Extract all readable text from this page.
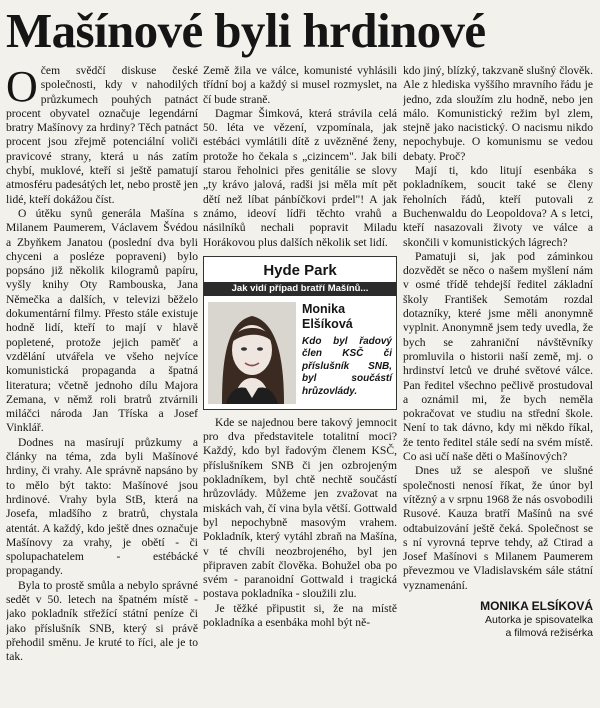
Mašínové byli hrdinové

Očem svědčí diskuse české společnosti, kdy v nahodilých průzkumech pouhých patnáct procent obyvatel označuje legendární bratry Mašínovy za hrdiny? Těch patnáct procent jsou zřejmě potenciální voliči pravicové strany, která u nás zatím chybí, muklové, kteří si ještě pamatují atmosféru padesátých let, nebo prostě jen lidé, kteří dokážou číst.

O útěku synů generála Mašína s Milanem Paumerem, Václavem Švédou a Zbyňkem Janatou (poslední dva byli chyceni a posléze popraveni) bylo popsáno již několik kilogramů papíru, vyšly knihy Oty Rambouska, Jana Němečka a dalších, v televizi běželo dokumentární filmy. Přesto stále existuje hodně lidí, kteří to mají v hlavě popletené, protože jejich paměť a vzdělání utvářela ve všeho nejvíce komunistická propaganda a špatná literatura; včetně jednoho dílu Majora Zemana, v němž roli bratrů ztvárnili miláčci národa Jan Tříska a Josef Vinklář.

Dodnes na masírují průzkumy a články na téma, zda byli Mašínové hrdiny, či vrahy. Ale správně napsáno by to mělo být takto: Mašínové jsou hrdinové. Vrahy byla StB, která na Josefa, mladšího z bratrů, chystala atentát. A každý, kdo ještě dnes označuje Mašínovy za vrahy, je obětí - či spolupachatelem - estébácké propagandy.

Byla to prostě smůla a nebylo správné sedět v 50. letech na špatném místě - jako pokladník střežící státní peníze či jako příslušník SNB, který si právě přehodil směnu. Je kruté to říci, ale je to tak.

Země žila ve válce, komunisté vyhlásili třídní boj a každý si musel rozmyslet, na čí bude straně.

Dagmar Šimková, která strávila celá 50. léta ve vězení, vzpomínala, jak estébáci vymlátili dítě z uvězněné ženy, protože ho čekala s „cizincem". Jak bili starou řeholnici přes genitálie se slovy „ty krávo jalová, radši jsi měla mít pět dětí než líbat pánbíčkovi prdel"! A jak známo, ideoví lídři těchto vrahů a násilníků nechali popravit Miladu Horákovou plus dalších několik set lidí.

Hyde Park
Jak vidí případ bratří Mašínů...
Monika
Elšíková
Kdo byl řadový člen KSČ či příslušník SNB, byl součástí hrůzovlády.

Kde se najednou bere takový jemnocit pro dva představitele totalitní moci? Každý, kdo byl řadovým členem KSČ, příslušníkem SNB či jen ozbrojeným pokladníkem, byl chtě nechtě součástí hrůzovlády. Můžeme jen zvažovat na miskách vah, čí vina byla větší. Gottwald byl nepochybně masovým vrahem. Pokladník, který vytáhl zbraň na Mašína, v té chvíli neozbrojeného, byl jen připraven zabít člověka. Bohužel oba po svém - paranoidní Gottwald i tragická postava pokladníka - sloužili zlu.

Je těžké připustit si, že na místě pokladníka a esenbáka mohl být ně-

kdo jiný, blízký, takzvaně slušný člověk. Ale z hlediska vyššího mravního řádu je jedno, zda sloužím zlu hodně, nebo jen málo. Komunistický režim byl zlem, stejně jako nacistický. O nacismu nikdo nepochybuje. O komunismu se vedou debaty. Proč?

Mají ti, kdo litují esenbáka s pokladníkem, soucit také se členy řeholních řádů, kteří putovali z Buchenwaldu do Leopoldova? A s letci, kteří nasazovali životy ve válce a skončili v komunistických lágrech?

Pamatuji si, jak pod záminkou dozvědět se něco o našem myšlení nám v osmé třídě tehdejší ředitel základní školy František Semotám rozdal dotazníky, které jsme měli anonymně vyplnit. Anonymně jsem tedy uvedla, že bych se zahraniční návštěvníky promluvila o historii naší země, mj. o hrdinství letců ve druhé světové válce. Pan ředitel všechno pečlivě prostudoval a oznámil mi, že bych neměla pokračovat ve studiu na střední škole. Není to tak dávno, kdy mi někdo říkal, že tento ředitel stále sedí na svém místě. Co asi učí naše děti o Mašínových?

Dnes už se alespoň ve slušné společnosti nenosí říkat, že únor byl vítězný a v srpnu 1968 že nás osvobodili Rusové. Kauza bratří Mašínů na své odtabuizování ještě čeká. Společnost se s ní vyrovná teprve tehdy, až Ctirad a Josef Mašínovi s Milanem Paumerem převezmou ve Vladislavském sále státní vyznamenání.

MONIKA ELSÍKOVÁ
Autorka je spisovatelka
a filmová režisérka
